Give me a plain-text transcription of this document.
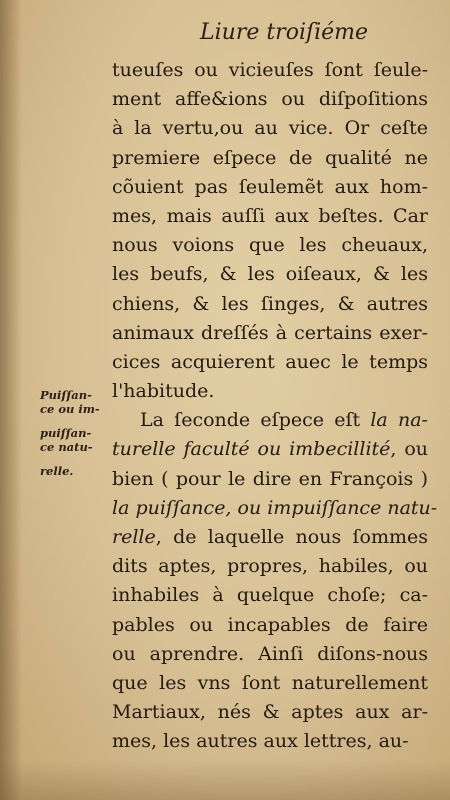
Liure troiſiéme
Puiſſan-
ce ou im-
puiſſan-
ce natu-
relle.
tueuſes ou vicieuſes ſont ſeule-
ment affe&ions ou diſpoſitions
à la vertu,ou au vice. Or ceſte
premiere eſpece de qualité ne
cõuient pas ſeulemẽt aux hom-
mes, mais auſſi aux beſtes. Car
nous voions que les cheuaux,
les beufs, & les oiſeaux, & les
chiens, & les ſinges, & autres
animaux dreſſés à certains exer-
cices acquierent auec le temps
l'habitude.
La ſeconde eſpece eſt la na-
turelle faculté ou imbecillité, ou
bien ( pour le dire en François )
la puiſſance, ou impuiſſance natu-
relle, de laquelle nous ſommes
dits aptes, propres, habiles, ou
inhabiles à quelque choſe; ca-
pables ou incapables de faire
ou aprendre. Ainſi diſons-nous
que les vns ſont naturellement
Martiaux, nés & aptes aux ar-
mes, les autres aux lettres, au-
